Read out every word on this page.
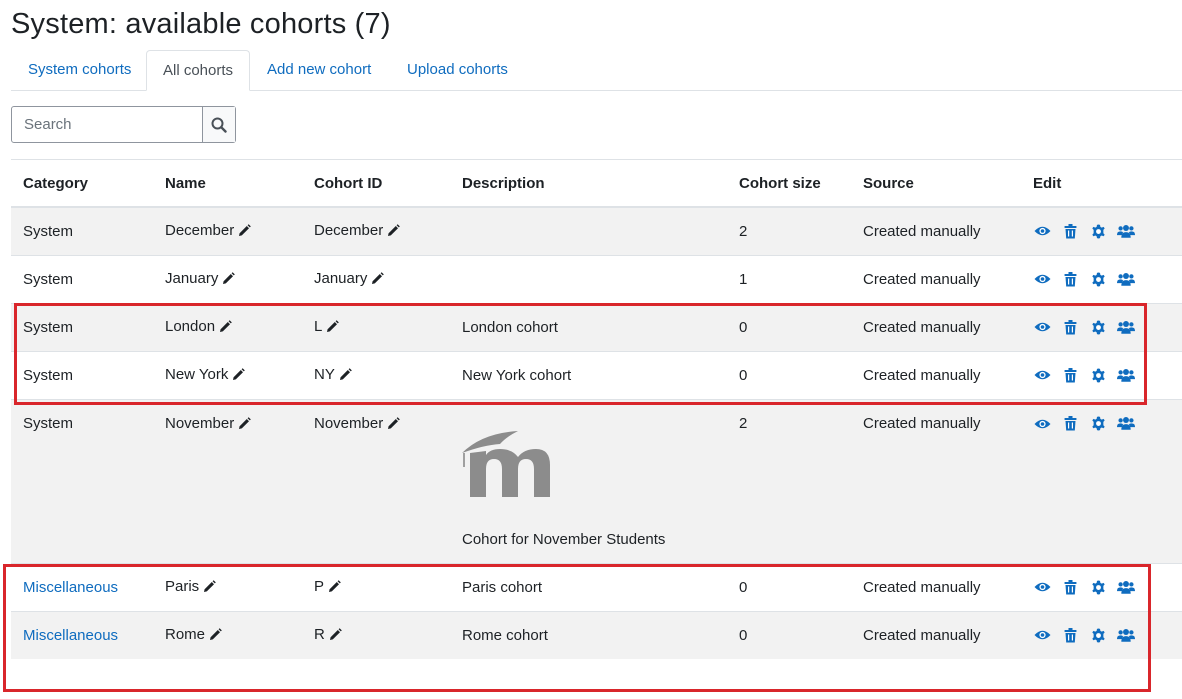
System: available cohorts (7)
System cohorts	All cohorts	Add new cohort	Upload cohorts
Search
Category	Name	Cohort ID	Description	Cohort size	Source	Edit
System	December	December		2	Created manually	

System	January	January		1	Created manually	

System	London	L	London cohort	0	Created manually	

System	New York	NY	New York cohort	0	Created manually	

System	November	November	Cohort for November Students	2	Created manually	

Miscellaneous	Paris	P	Paris cohort	0	Created manually	

Miscellaneous	Rome	R	Rome cohort	0	Created manually	
